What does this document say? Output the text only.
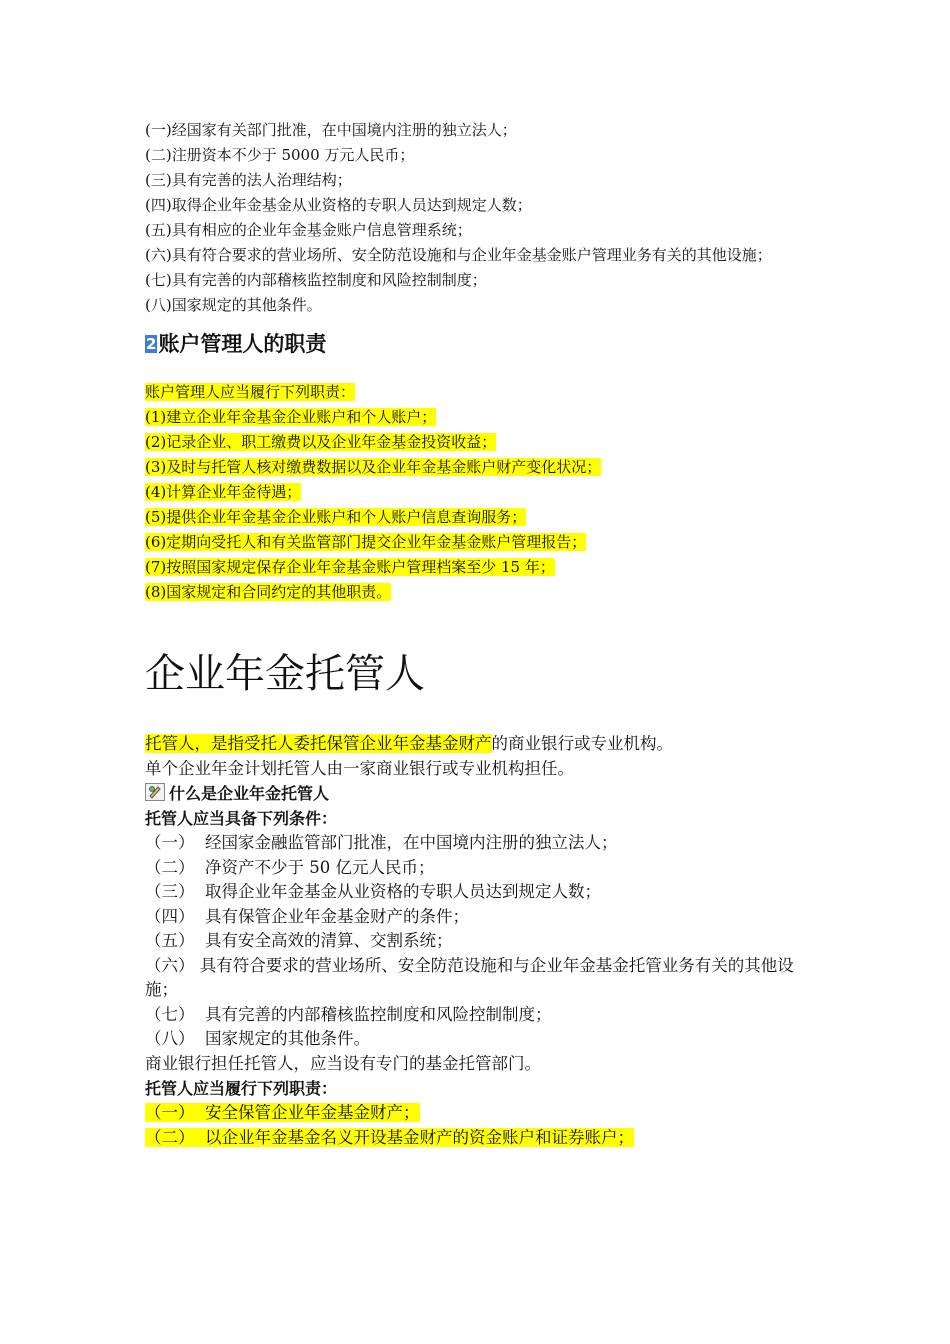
(一)经国家有关部门批准，在中国境内注册的独立法人；
(二)注册资本不少于 5000 万元人民币；
(三)具有完善的法人治理结构；
(四)取得企业年金基金从业资格的专职人员达到规定人数；
(五)具有相应的企业年金基金账户信息管理系统；
(六)具有符合要求的营业场所、安全防范设施和与企业年金基金账户管理业务有关的其他设施；
(七)具有完善的内部稽核监控制度和风险控制制度；
(八)国家规定的其他条件。
2账户管理人的职责
账户管理人应当履行下列职责：
(1)建立企业年金基金企业账户和个人账户；
(2)记录企业、职工缴费以及企业年金基金投资收益；
(3)及时与托管人核对缴费数据以及企业年金基金账户财产变化状况；
(4)计算企业年金待遇；
(5)提供企业年金基金企业账户和个人账户信息查询服务；
(6)定期向受托人和有关监管部门提交企业年金基金账户管理报告；
(7)按照国家规定保存企业年金基金账户管理档案至少 15 年；
(8)国家规定和合同约定的其他职责。
企业年金托管人
托管人，是指受托人委托保管企业年金基金财产的商业银行或专业机构。
单个企业年金计划托管人由一家商业银行或专业机构担任。
什么是企业年金托管人
托管人应当具备下列条件：
（一） 经国家金融监管部门批准，在中国境内注册的独立法人；
（二） 净资产不少于 50 亿元人民币；
（三） 取得企业年金基金从业资格的专职人员达到规定人数；
（四） 具有保管企业年金基金财产的条件；
（五） 具有安全高效的清算、交割系统；
（六） 具有符合要求的营业场所、安全防范设施和与企业年金基金托管业务有关的其他设施；
（七） 具有完善的内部稽核监控制度和风险控制制度；
（八） 国家规定的其他条件。
商业银行担任托管人，应当设有专门的基金托管部门。
托管人应当履行下列职责：
（一） 安全保管企业年金基金财产；
（二） 以企业年金基金名义开设基金财产的资金账户和证券账户；
